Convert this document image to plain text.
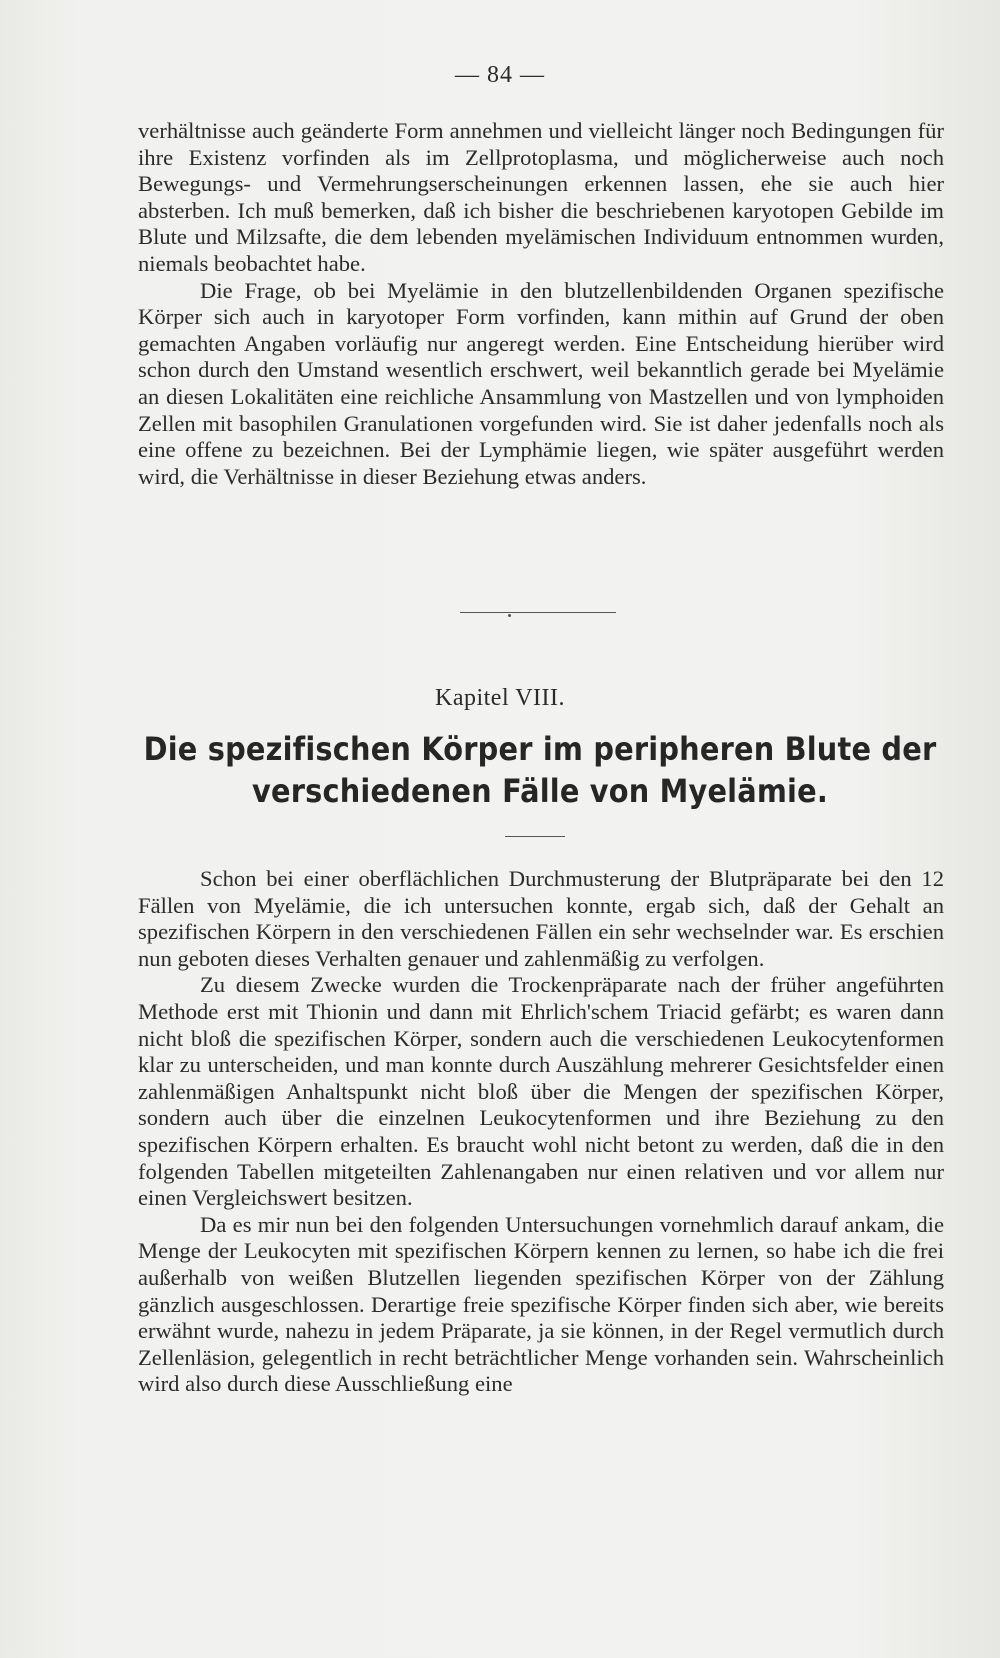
— 84 —

verhältnisse auch geänderte Form annehmen und vielleicht länger noch Bedingungen für ihre Existenz vorfinden als im Zellprotoplasma, und möglicherweise auch noch Bewegungs- und Vermehrungserscheinungen erkennen lassen, ehe sie auch hier absterben. Ich muß bemerken, daß ich bisher die beschriebenen karyotopen Gebilde im Blute und Milzsafte, die dem lebenden myelämischen Individuum entnommen wurden, niemals beobachtet habe.

Die Frage, ob bei Myelämie in den blutzellenbildenden Organen spezifische Körper sich auch in karyotoper Form vorfinden, kann mithin auf Grund der oben gemachten Angaben vorläufig nur angeregt werden. Eine Entscheidung hierüber wird schon durch den Umstand wesentlich erschwert, weil bekanntlich gerade bei Myelämie an diesen Lokalitäten eine reichliche Ansammlung von Mastzellen und von lymphoiden Zellen mit basophilen Granulationen vorgefunden wird. Sie ist daher jedenfalls noch als eine offene zu bezeichnen. Bei der Lymphämie liegen, wie später ausgeführt werden wird, die Verhältnisse in dieser Beziehung etwas anders.

Kapitel VIII.
Die spezifischen Körper im peripheren Blute der verschiedenen Fälle von Myelämie.

Schon bei einer oberflächlichen Durchmusterung der Blutpräparate bei den 12 Fällen von Myelämie, die ich untersuchen konnte, ergab sich, daß der Gehalt an spezifischen Körpern in den verschiedenen Fällen ein sehr wechselnder war. Es erschien nun geboten dieses Verhalten genauer und zahlenmäßig zu verfolgen.

Zu diesem Zwecke wurden die Trockenpräparate nach der früher angeführten Methode erst mit Thionin und dann mit Ehrlich'schem Triacid gefärbt; es waren dann nicht bloß die spezifischen Körper, sondern auch die verschiedenen Leukocytenformen klar zu unterscheiden, und man konnte durch Auszählung mehrerer Gesichtsfelder einen zahlenmäßigen Anhaltspunkt nicht bloß über die Mengen der spezifischen Körper, sondern auch über die einzelnen Leukocytenformen und ihre Beziehung zu den spezifischen Körpern erhalten. Es braucht wohl nicht betont zu werden, daß die in den folgenden Tabellen mitgeteilten Zahlenangaben nur einen relativen und vor allem nur einen Vergleichswert besitzen.

Da es mir nun bei den folgenden Untersuchungen vornehmlich darauf ankam, die Menge der Leukocyten mit spezifischen Körpern kennen zu lernen, so habe ich die frei außerhalb von weißen Blutzellen liegenden spezifischen Körper von der Zählung gänzlich ausgeschlossen. Derartige freie spezifische Körper finden sich aber, wie bereits erwähnt wurde, nahezu in jedem Präparate, ja sie können, in der Regel vermutlich durch Zellenläsion, gelegentlich in recht beträchtlicher Menge vorhanden sein. Wahrscheinlich wird also durch diese Ausschließung eine
